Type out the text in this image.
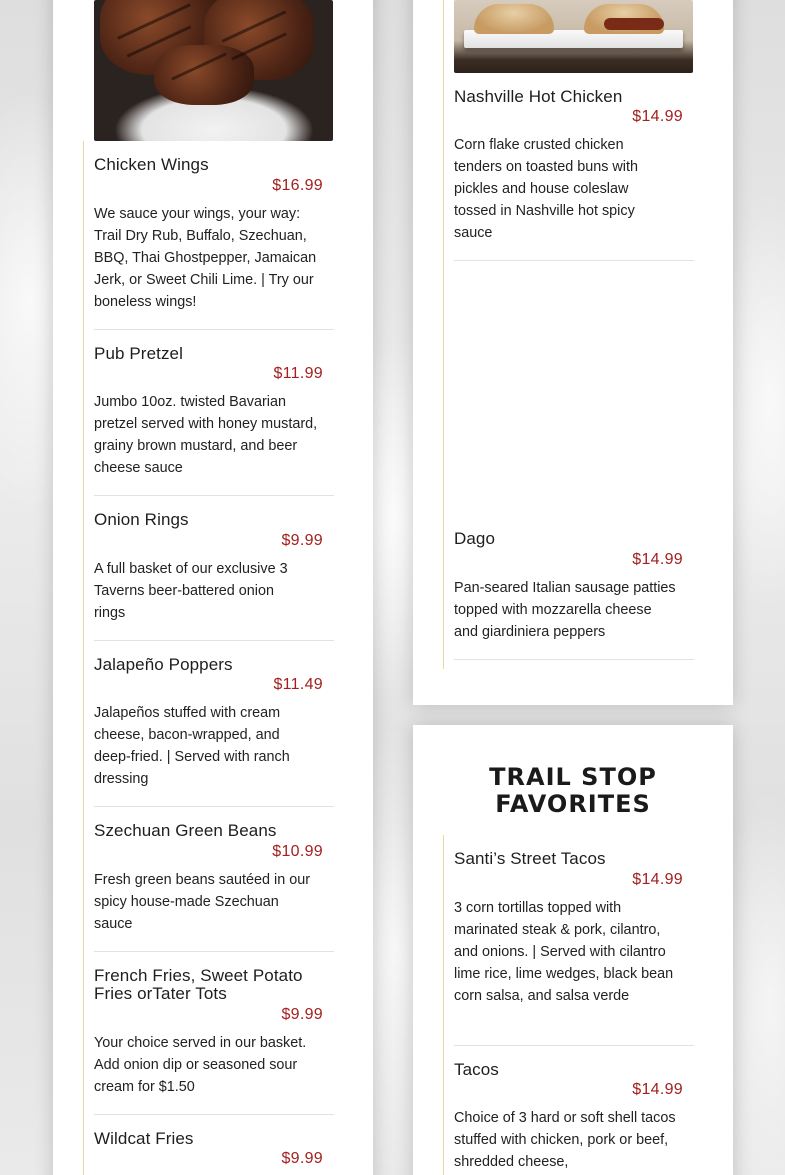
Chicken Wings
$16.99
We sauce your wings, your way: Trail Dry Rub, Buffalo, Szechuan, BBQ, Thai Ghostpepper, Jamaican Jerk, or Sweet Chili Lime. | Try our boneless wings!
Pub Pretzel
$11.99
Jumbo 10oz. twisted Bavarian pretzel served with honey mustard, grainy brown mustard, and beer cheese sauce
Onion Rings
$9.99
A full basket of our exclusive 3 Taverns beer-battered onion rings
Jalapeño Poppers
$11.49
Jalapeños stuffed with cream cheese, bacon-wrapped, and deep-fried. | Served with ranch dressing
Szechuan Green Beans
$10.99
Fresh green beans sautéed in our spicy house-made Szechuan sauce
French Fries, Sweet Potato Fries orTater Tots
$9.99
Your choice served in our basket. Add onion dip or seasoned sour cream for $1.50
Wildcat Fries
$9.99
Nashville Hot Chicken
$14.99
Corn flake crusted chicken tenders on toasted buns with pickles and house coleslaw tossed in Nashville hot spicy sauce
Dago
$14.99
Pan-seared Italian sausage patties topped with mozzarella cheese and giardiniera peppers
TRAIL STOP
FAVORITES
Santi’s Street Tacos
$14.99
3 corn tortillas topped with marinated steak & pork, cilantro, and onions. | Served with cilantro lime rice, lime wedges, black bean corn salsa, and salsa verde
Tacos
$14.99
Choice of 3 hard or soft shell tacos stuffed with chicken, pork or beef, shredded cheese,
